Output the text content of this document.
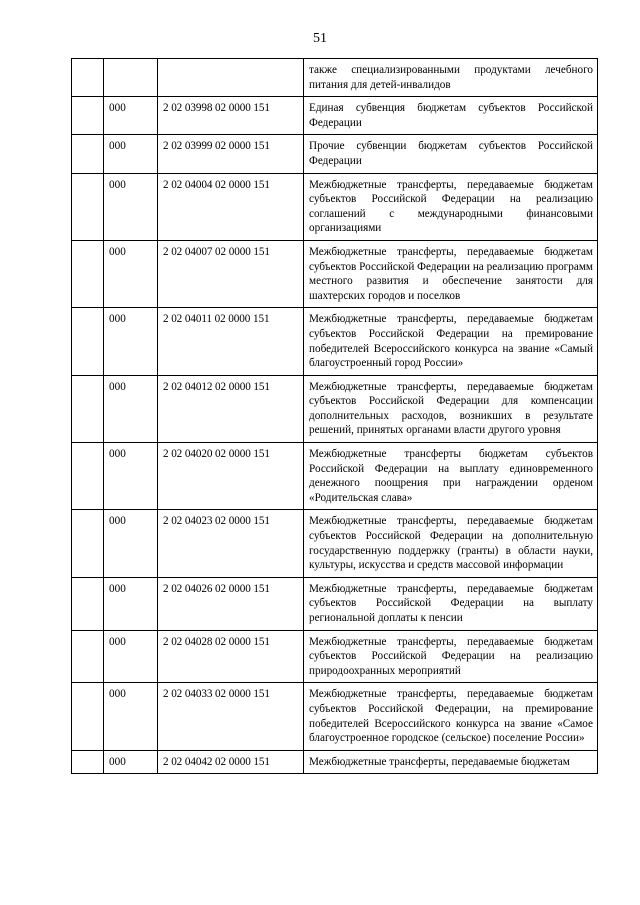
51
			также специализированными продуктами лечебного питания для детей-инвалидов
	000	2 02 03998 02 0000 151	Единая субвенция бюджетам субъектов Российской Федерации
	000	2 02 03999 02 0000 151	Прочие субвенции бюджетам субъектов Российской Федерации
	000	2 02 04004 02 0000 151	Межбюджетные трансферты, передаваемые бюджетам субъектов Российской Федерации на реализацию соглашений с международными финансовыми организациями
	000	2 02 04007 02 0000 151	Межбюджетные трансферты, передаваемые бюджетам субъектов Российской Федерации на реализацию программ местного развития и обеспечение занятости для шахтерских городов и поселков
	000	2 02 04011 02 0000 151	Межбюджетные трансферты, передаваемые бюджетам субъектов Российской Федерации на премирование победителей Всероссийского конкурса на звание «Самый благоустроенный город России»
	000	2 02 04012 02 0000 151	Межбюджетные трансферты, передаваемые бюджетам субъектов Российской Федерации для компенсации дополнительных расходов, возникших в результате решений, принятых органами власти другого уровня
	000	2 02 04020 02 0000 151	Межбюджетные трансферты бюджетам субъектов Российской Федерации на выплату единовременного денежного поощрения при награждении орденом «Родительская слава»
	000	2 02 04023 02 0000 151	Межбюджетные трансферты, передаваемые бюджетам субъектов Российской Федерации на дополнительную государственную поддержку (гранты) в области науки, культуры, искусства и средств массовой информации
	000	2 02 04026 02 0000 151	Межбюджетные трансферты, передаваемые бюджетам субъектов Российской Федерации на выплату региональной доплаты к пенсии
	000	2 02 04028 02 0000 151	Межбюджетные трансферты, передаваемые бюджетам субъектов Российской Федерации на реализацию природоохранных мероприятий
	000	2 02 04033 02 0000 151	Межбюджетные трансферты, передаваемые бюджетам субъектов Российской Федерации, на премирование победителей Всероссийского конкурса на звание «Самое благоустроенное городское (сельское) поселение России»
	000	2 02 04042 02 0000 151	Межбюджетные трансферты, передаваемые бюджетам
